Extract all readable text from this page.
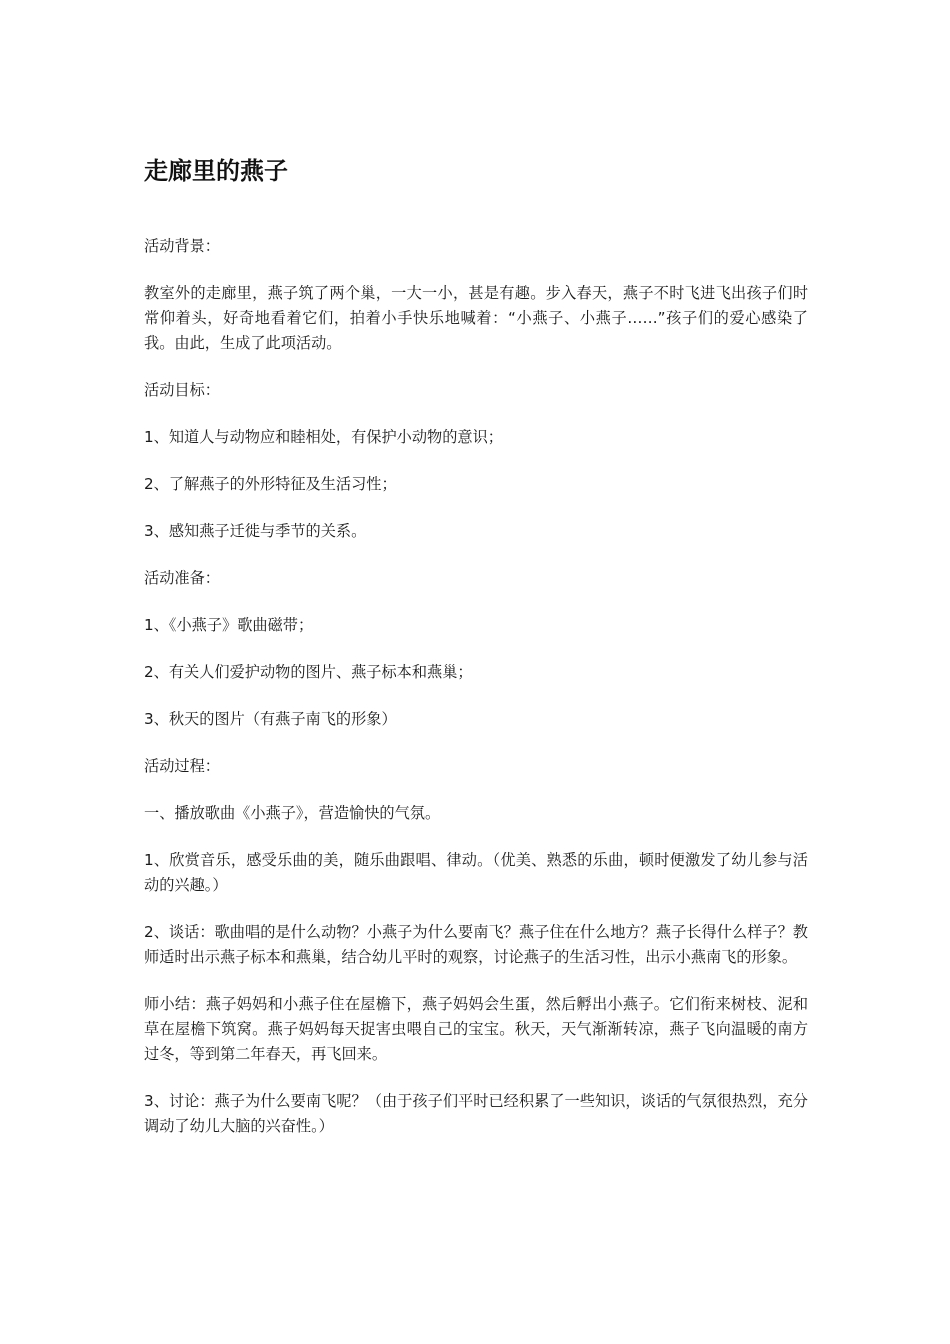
走廊里的燕子

活动背景：

教室外的走廊里，燕子筑了两个巢，一大一小，甚是有趣。步入春天，燕子不时飞进飞出孩子们时常仰着头，好奇地看着它们，拍着小手快乐地喊着：“小燕子、小燕子……”孩子们的爱心感染了我。由此，生成了此项活动。

活动目标：

1、知道人与动物应和睦相处，有保护小动物的意识；

2、了解燕子的外形特征及生活习性；

3、感知燕子迁徙与季节的关系。

活动准备：

1、《小燕子》歌曲磁带；

2、有关人们爱护动物的图片、燕子标本和燕巢；

3、秋天的图片（有燕子南飞的形象）

活动过程：

一、播放歌曲《小燕子》，营造愉快的气氛。

1、欣赏音乐，感受乐曲的美，随乐曲跟唱、律动。（优美、熟悉的乐曲，顿时便激发了幼儿参与活动的兴趣。）

2、谈话：歌曲唱的是什么动物？小燕子为什么要南飞？燕子住在什么地方？燕子长得什么样子？教师适时出示燕子标本和燕巢，结合幼儿平时的观察，讨论燕子的生活习性，出示小燕南飞的形象。

师小结：燕子妈妈和小燕子住在屋檐下，燕子妈妈会生蛋，然后孵出小燕子。它们衔来树枝、泥和草在屋檐下筑窝。燕子妈妈每天捉害虫喂自己的宝宝。秋天，天气渐渐转凉，燕子飞向温暖的南方过冬，等到第二年春天，再飞回来。

3、讨论：燕子为什么要南飞呢？（由于孩子们平时已经积累了一些知识，谈话的气氛很热烈，充分调动了幼儿大脑的兴奋性。）
